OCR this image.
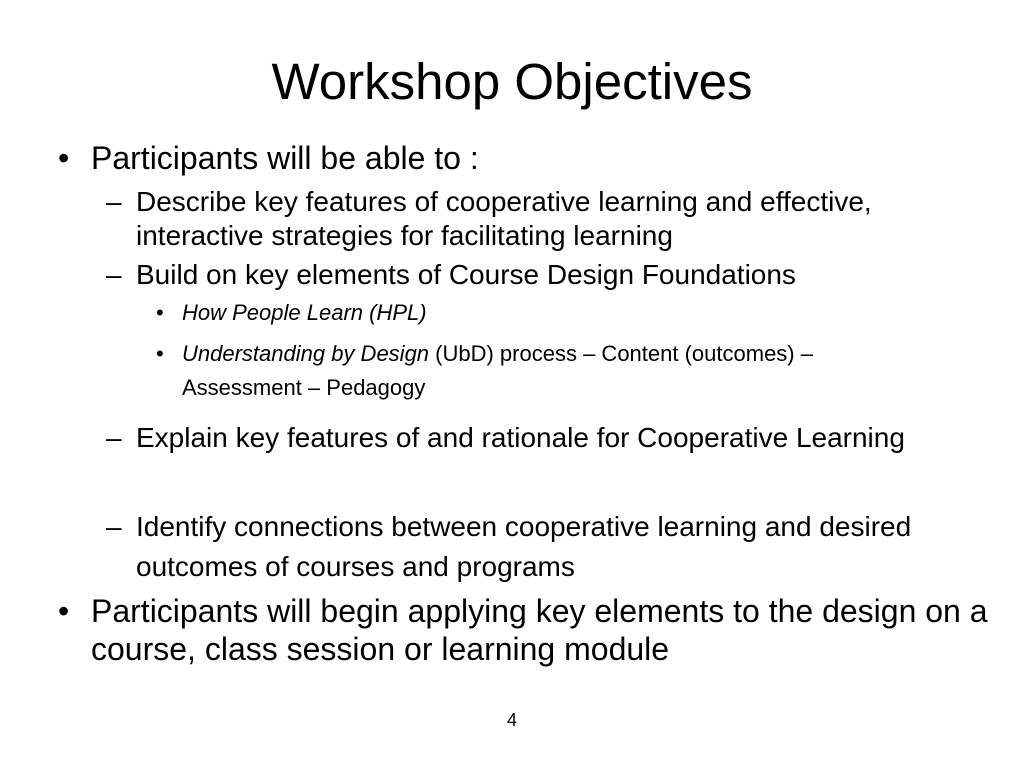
Workshop Objectives
• Participants will be able to :
– Describe key features of cooperative learning and effective, interactive strategies for facilitating learning
– Build on key elements of Course Design Foundations
• How People Learn (HPL)
• Understanding by Design (UbD) process – Content (outcomes) – Assessment – Pedagogy
– Explain key features of and rationale for Cooperative Learning
– Identify connections between cooperative learning and desired outcomes of courses and programs
• Participants will begin applying key elements to the design on a course, class session or learning module
4
